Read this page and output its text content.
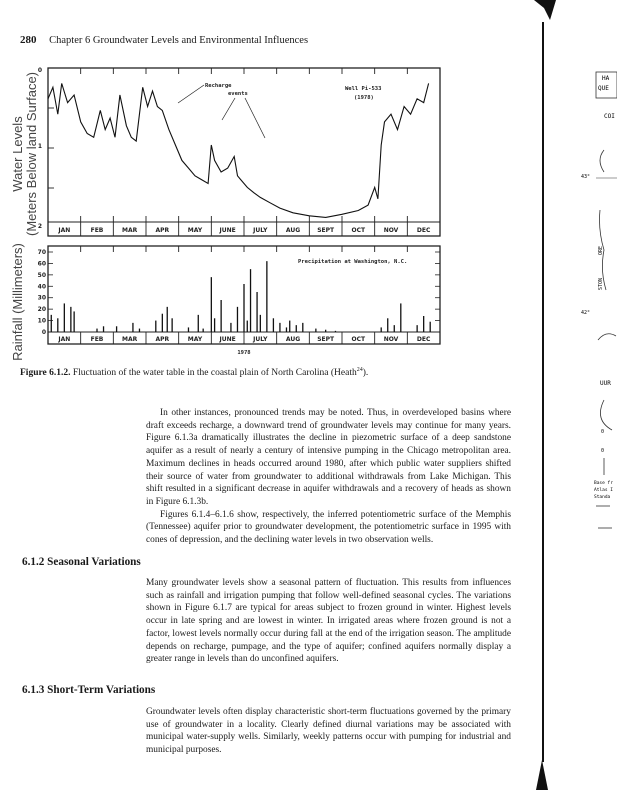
280 Chapter 6 Groundwater Levels and Environmental Influences
JAN	FEB	MAR	APR	MAY	JUNE	JULY	AUG	SEPT	OCT	NOV	DEC
0
1
2
Water Levels (Meters Below land Surface)	Recharge
events
Well Pi-533
(1978)
70
60
50
40
30
20
10
0
JAN	FEB	MAR	APR	MAY	JUNE	JULY	AUG	SEPT	OCT	NOV	DEC
Rainfall (Millimeters)	Precipitation at Washington, N.C.
1978
Figure 6.1.2. Fluctuation of the water table in the coastal plain of North Carolina (Heath$^{24}$).

In other instances, pronounced trends may be noted. Thus, in overdeveloped basins where draft exceeds recharge, a downward trend of groundwater levels may continue for many years. Figure 6.1.3a dramatically illustrates the decline in piezometric surface of a deep sandstone aquifer as a result of nearly a century of intensive pumping in the Chicago metropolitan area. Maximum declines in heads occurred around 1980, after which public water suppliers shifted their source of water from groundwater to additional withdrawals from Lake Michigan. This shift resulted in a significant decrease in aquifer withdrawals and a recovery of heads as shown in Figure 6.1.3b.

Figures 6.1.4–6.1.6 show, respectively, the inferred potentiometric surface of the Memphis (Tennessee) aquifer prior to groundwater development, the potentiometric surface in 1995 with cones of depression, and the declining water levels in two observation wells.

6.1.2 Seasonal Variations

Many groundwater levels show a seasonal pattern of fluctuation. This results from influences such as rainfall and irrigation pumping that follow well-defined seasonal cycles. The variations shown in Figure 6.1.7 are typical for areas subject to frozen ground in winter. Highest levels occur in late spring and are lowest in winter. In irrigated areas where frozen ground is not a factor, lowest levels normally occur during fall at the end of the irrigation season. The amplitude depends on recharge, pumpage, and the type of aquifer; confined aquifers normally display a greater range in levels than do unconfined aquifers.

6.1.3 Short-Term Variations

Groundwater levels often display characteristic short-term fluctuations governed by the primary use of groundwater in a locality. Clearly defined diurnal variations may be associated with municipal water-supply wells. Similarly, weekly patterns occur with pumping for industrial and municipal purposes.

HA
QUE
COI
43°
ORE
STON
42°
UUR
0
0
Base fr
Atlas I
Standa
